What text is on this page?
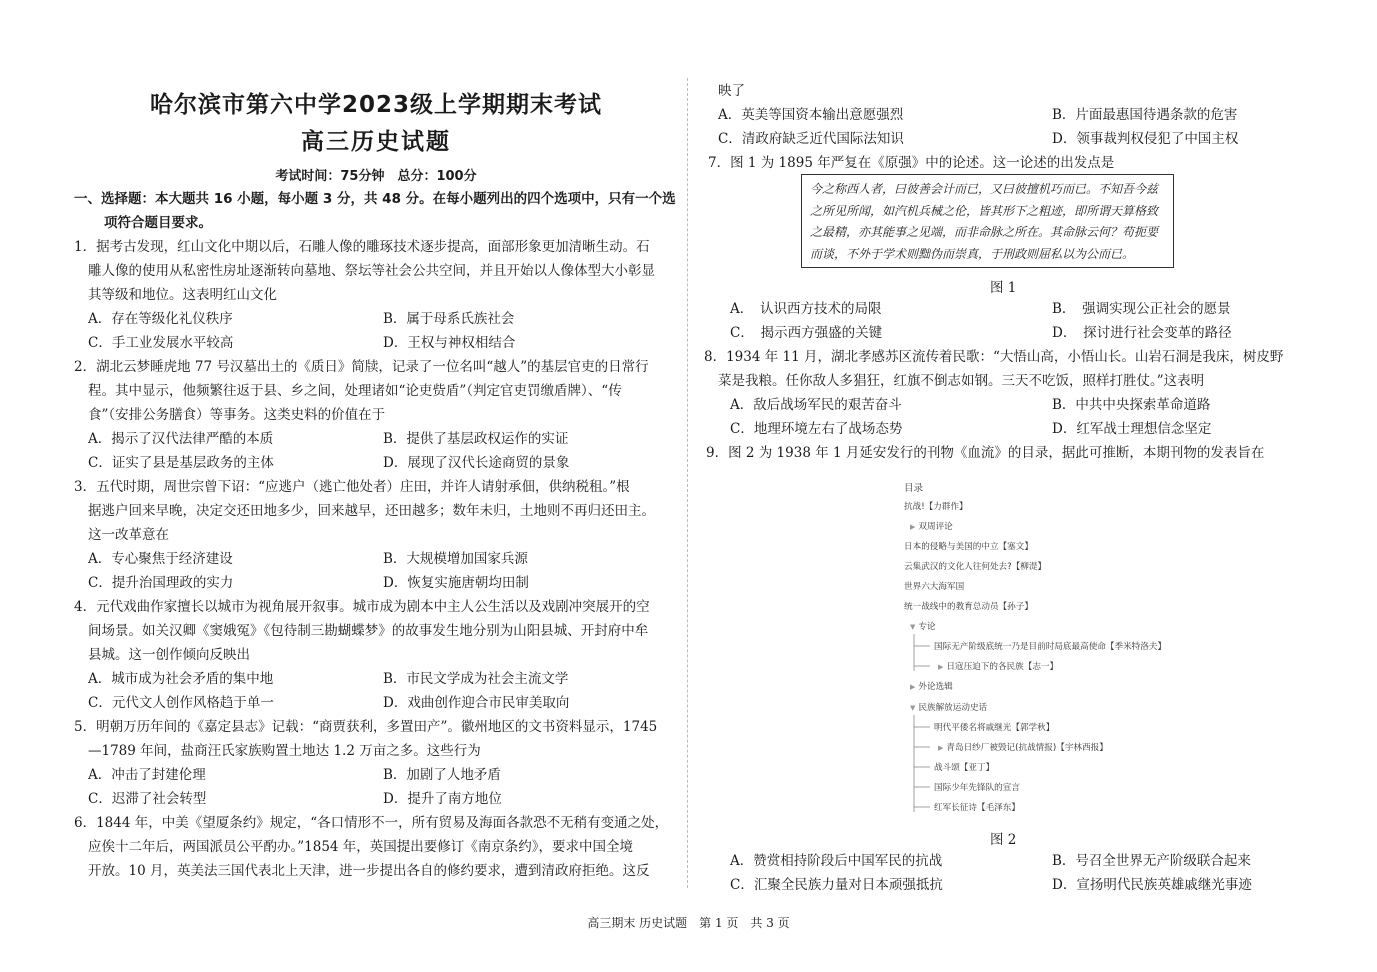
哈尔滨市第六中学2023级上学期期末考试
高三历史试题
考试时间：75分钟　总分：100分
一、选择题：本大题共 16 小题，每小题 3 分，共 48 分。在每小题列出的四个选项中，只有一个选
项符合题目要求。
1．据考古发现，红山文化中期以后，石雕人像的雕琢技术逐步提高，面部形象更加清晰生动。石
雕人像的使用从私密性房址逐渐转向墓地、祭坛等社会公共空间，并且开始以人像体型大小彰显
其等级和地位。这表明红山文化
A．存在等级化礼仪秩序	B．属于母系氏族社会
C．手工业发展水平较高	D．王权与神权相结合
2．湖北云梦睡虎地 77 号汉墓出土的《质日》简牍，记录了一位名叫“越人”的基层官吏的日常行
程。其中显示，他频繁往返于县、乡之间，处理诸如“论吏赀盾”（判定官吏罚缴盾牌）、“传
食”（安排公务膳食）等事务。这类史料的价值在于
A．揭示了汉代法律严酷的本质	B．提供了基层政权运作的实证
C．证实了县是基层政务的主体	D．展现了汉代长途商贸的景象
3．五代时期，周世宗曾下诏：“应逃户（逃亡他处者）庄田，并许人请射承佃，供纳税租。”根
据逃户回来早晚，决定交还田地多少，回来越早，还田越多；数年未归，土地则不再归还田主。
这一改革意在
A．专心聚焦于经济建设	B．大规模增加国家兵源
C．提升治国理政的实力	D．恢复实施唐朝均田制
4．元代戏曲作家擅长以城市为视角展开叙事。城市成为剧本中主人公生活以及戏剧冲突展开的空
间场景。如关汉卿《窦娥冤》《包待制三勘蝴蝶梦》的故事发生地分别为山阳县城、开封府中牟
县城。这一创作倾向反映出
A．城市成为社会矛盾的集中地	B．市民文学成为社会主流文学
C．元代文人创作风格趋于单一	D．戏曲创作迎合市民审美取向
5．明朝万历年间的《嘉定县志》记载：“商贾获利，多置田产”。徽州地区的文书资料显示，1745
—1789 年间，盐商汪氏家族购置土地达 1.2 万亩之多。这些行为
A．冲击了封建伦理	B．加剧了人地矛盾
C．迟滞了社会转型	D．提升了南方地位
6．1844 年，中美《望厦条约》规定，“各口情形不一，所有贸易及海面各款恐不无稍有变通之处，
应俟十二年后，两国派员公平酌办。”1854 年，英国提出要修订《南京条约》，要求中国全境
开放。10 月，英美法三国代表北上天津，进一步提出各自的修约要求，遭到清政府拒绝。这反
映了
A．英美等国资本输出意愿强烈	B．片面最惠国待遇条款的危害
C．清政府缺乏近代国际法知识	D．领事裁判权侵犯了中国主权
7．图 1 为 1895 年严复在《原强》中的论述。这一论述的出发点是
今之称西人者，曰彼善会计而已，又曰彼擅机巧而已。不知吾今兹
之所见所闻，如汽机兵械之伦，皆其形下之粗迹，即所谓天算格致
之最精，亦其能事之见端，而非命脉之所在。其命脉云何？苟扼要
而谈，不外于学术则黜伪而崇真，于刑政则屈私以为公而已。
图 1
A．　认识西方技术的局限	B．　强调实现公正社会的愿景
C．　揭示西方强盛的关键	D．　探讨进行社会变革的路径
8．1934 年 11 月，湖北孝感苏区流传着民歌：“大悟山高，小悟山长。山岩石洞是我床，树皮野
菜是我粮。任你敌人多猖狂，红旗不倒志如钢。三天不吃饭，照样打胜仗。”这表明
A．敌后战场军民的艰苦奋斗	B．中共中央探索革命道路
C．地理环境左右了战场态势	D．红军战士理想信念坚定
9．图 2 为 1938 年 1 月延安发行的刊物《血流》的目录，据此可推断，本期刊物的发表旨在
目录
抗战!【力群作】
▶ 双周评论
日本的侵略与美国的中立【塞文】
云集武汉的文化人往何处去?【柳湜】
世界六大海军国
统一战线中的教育总动员【孙子】
▼ 专论
国际无产阶级底统一乃是目前时局底最高使命【季米特洛夫】
▶ 日寇压迫下的各民族【志一】
▶ 外论选辑
▼ 民族解放运动史话
明代平倭名将戚继光【郭学秋】
▶ 青岛日纱厂被毁记(抗战情报)【宇林西报】
战斗颂【亚丁】
国际少年先锋队的宣言
红军长征诗【毛泽东】
图 2
A．赞赏相持阶段后中国军民的抗战	B．号召全世界无产阶级联合起来
C．汇聚全民族力量对日本顽强抵抗	D．宣扬明代民族英雄戚继光事迹
高三期末 历史试题　第 1 页　共 3 页
